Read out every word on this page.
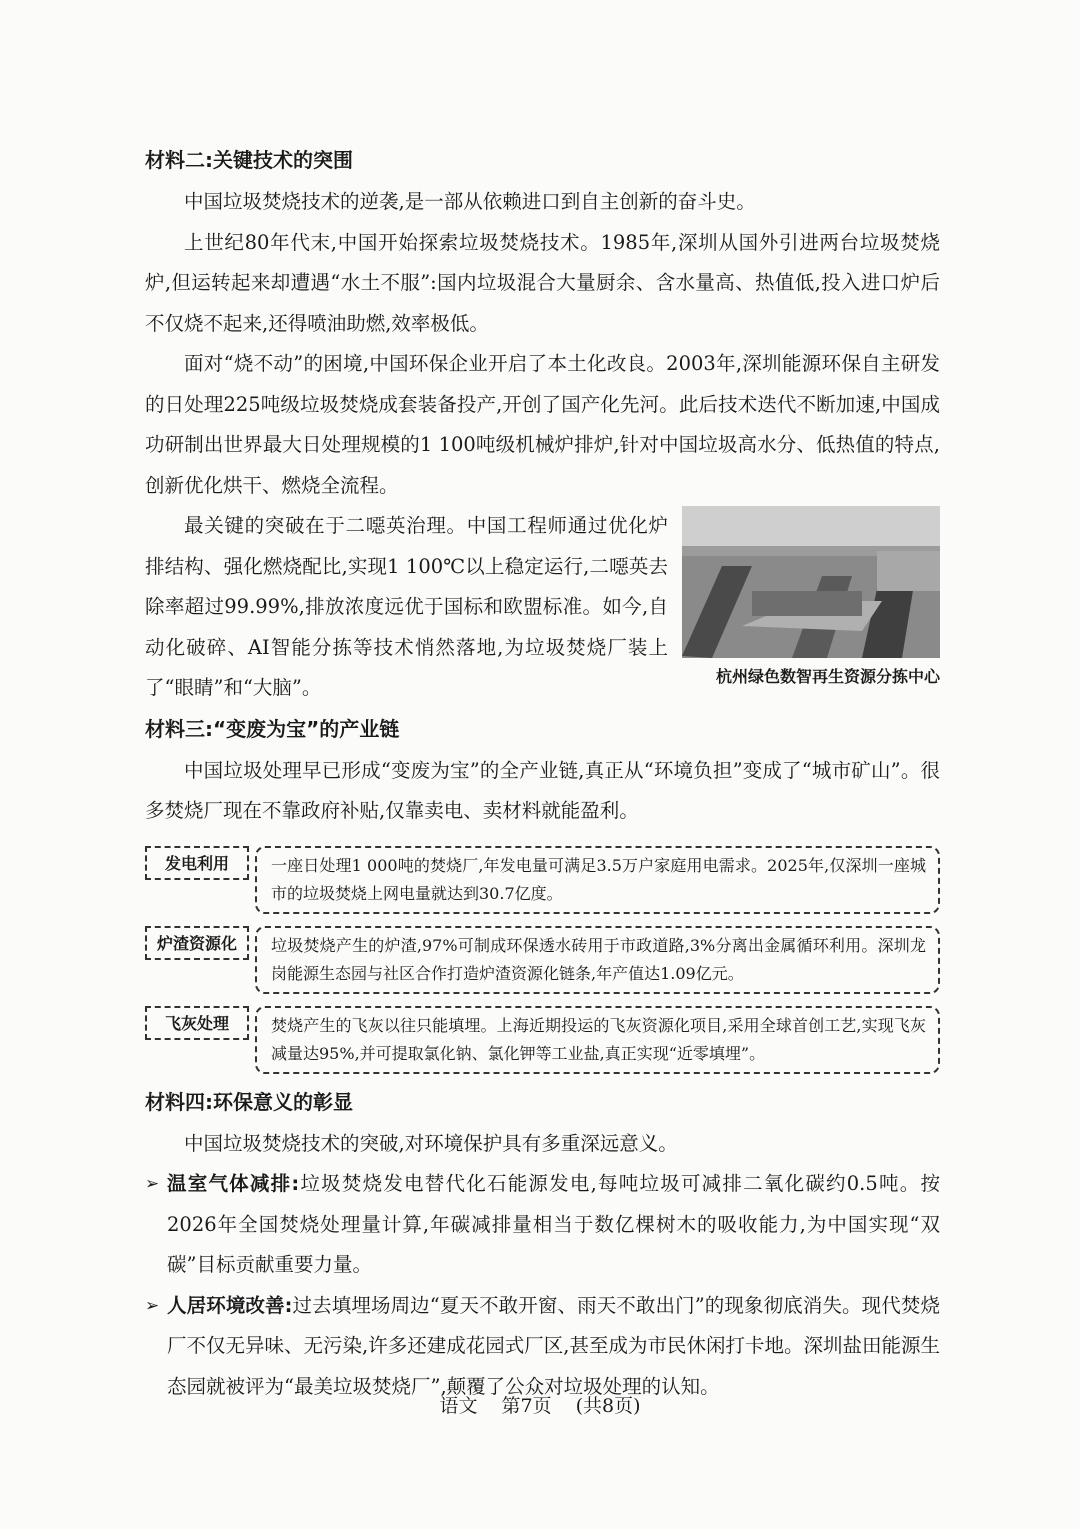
材料二:关键技术的突围

中国垃圾焚烧技术的逆袭,是一部从依赖进口到自主创新的奋斗史。

上世纪80年代末,中国开始探索垃圾焚烧技术。1985年,深圳从国外引进两台垃圾焚烧炉,但运转起来却遭遇“水土不服”:国内垃圾混合大量厨余、含水量高、热值低,投入进口炉后不仅烧不起来,还得喷油助燃,效率极低。

面对“烧不动”的困境,中国环保企业开启了本土化改良。2003年,深圳能源环保自主研发的日处理225吨级垃圾焚烧成套装备投产,开创了国产化先河。此后技术迭代不断加速,中国成功研制出世界最大日处理规模的1 100吨级机械炉排炉,针对中国垃圾高水分、低热值的特点,创新优化烘干、燃烧全流程。

最关键的突破在于二噁英治理。中国工程师通过优化炉排结构、强化燃烧配比,实现1 100℃以上稳定运行,二噁英去除率超过99.99%,排放浓度远优于国标和欧盟标准。如今,自动化破碎、AI智能分拣等技术悄然落地,为垃圾焚烧厂装上了“眼睛”和“大脑”。	杭州绿色数智再生资源分拣中心
材料三:“变废为宝”的产业链

中国垃圾处理早已形成“变废为宝”的全产业链,真正从“环境负担”变成了“城市矿山”。很多焚烧厂现在不靠政府补贴,仅靠卖电、卖材料就能盈利。

发电利用	一座日处理1 000吨的焚烧厂,年发电量可满足3.5万户家庭用电需求。2025年,仅深圳一座城市的垃圾焚烧上网电量就达到30.7亿度。
炉渣资源化	垃圾焚烧产生的炉渣,97%可制成环保透水砖用于市政道路,3%分离出金属循环利用。深圳龙岗能源生态园与社区合作打造炉渣资源化链条,年产值达1.09亿元。
飞灰处理	焚烧产生的飞灰以往只能填埋。上海近期投运的飞灰资源化项目,采用全球首创工艺,实现飞灰减量达95%,并可提取氯化钠、氯化钾等工业盐,真正实现“近零填埋”。
材料四:环保意义的彰显

中国垃圾焚烧技术的突破,对环境保护具有多重深远意义。

➢ 温室气体减排:垃圾焚烧发电替代化石能源发电,每吨垃圾可减排二氧化碳约0.5吨。按2026年全国焚烧处理量计算,年碳减排量相当于数亿棵树木的吸收能力,为中国实现“双碳”目标贡献重要力量。
➢ 人居环境改善:过去填埋场周边“夏天不敢开窗、雨天不敢出门”的现象彻底消失。现代焚烧厂不仅无异味、无污染,许多还建成花园式厂区,甚至成为市民休闲打卡地。深圳盐田能源生态园就被评为“最美垃圾焚烧厂”,颠覆了公众对垃圾处理的认知。
语文 第7页 (共8页)
